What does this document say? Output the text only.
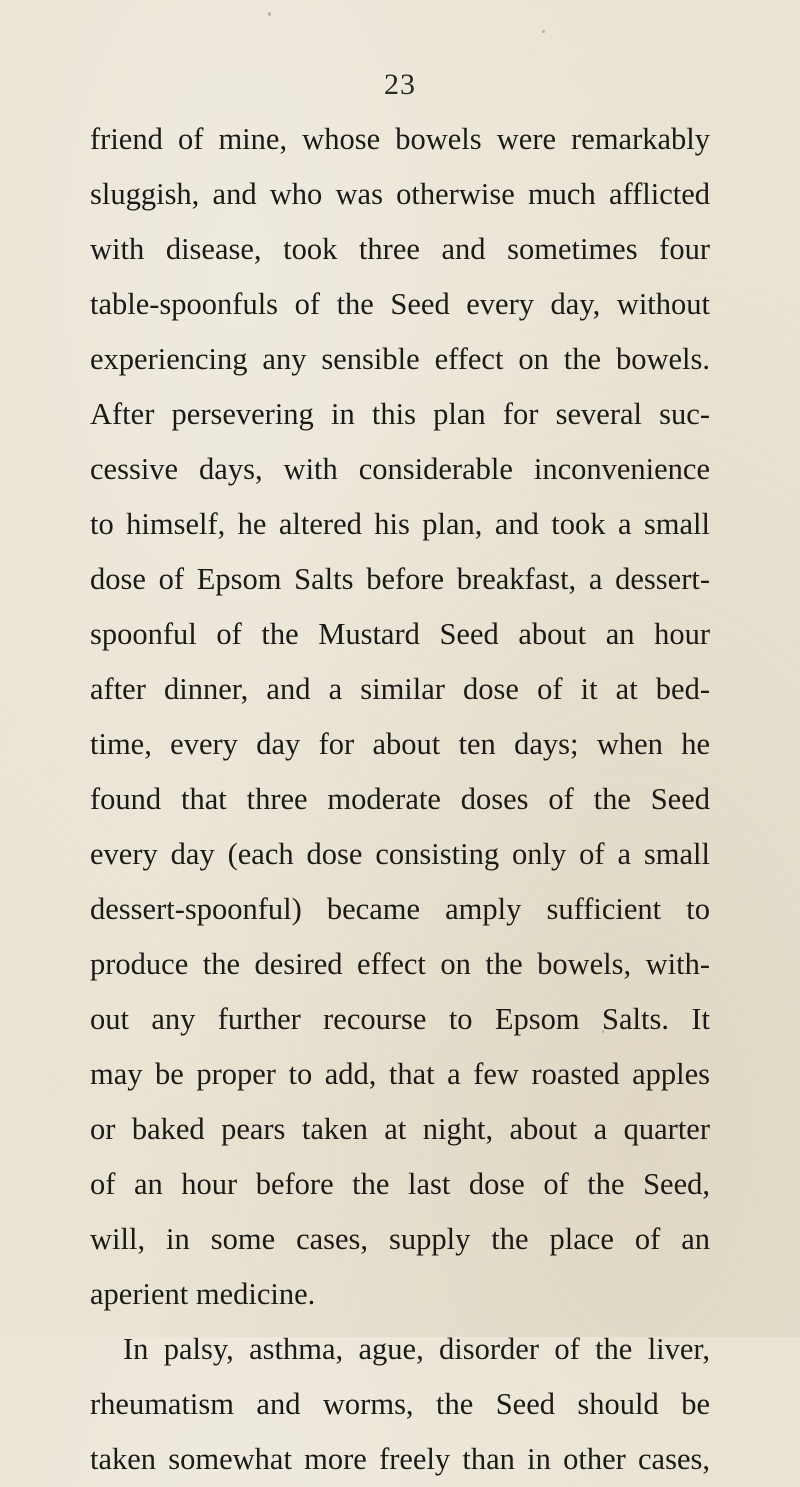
23
friend of mine, whose bowels were remarkably
sluggish, and who was otherwise much afflicted
with disease, took three and sometimes four
table-spoonfuls of the Seed every day, without
experiencing any sensible effect on the bowels.
After persevering in this plan for several suc-
cessive days, with considerable inconvenience
to himself, he altered his plan, and took a small
dose of Epsom Salts before breakfast, a dessert-
spoonful of the Mustard Seed about an hour
after dinner, and a similar dose of it at bed-
time, every day for about ten days; when he
found that three moderate doses of the Seed
every day (each dose consisting only of a small
dessert-spoonful) became amply sufficient to
produce the desired effect on the bowels, with-
out any further recourse to Epsom Salts. It
may be proper to add, that a few roasted apples
or baked pears taken at night, about a quarter
of an hour before the last dose of the Seed,
will, in some cases, supply the place of an
aperient medicine.
In palsy, asthma, ague, disorder of the liver,
rheumatism and worms, the Seed should be
taken somewhat more freely than in other cases,
